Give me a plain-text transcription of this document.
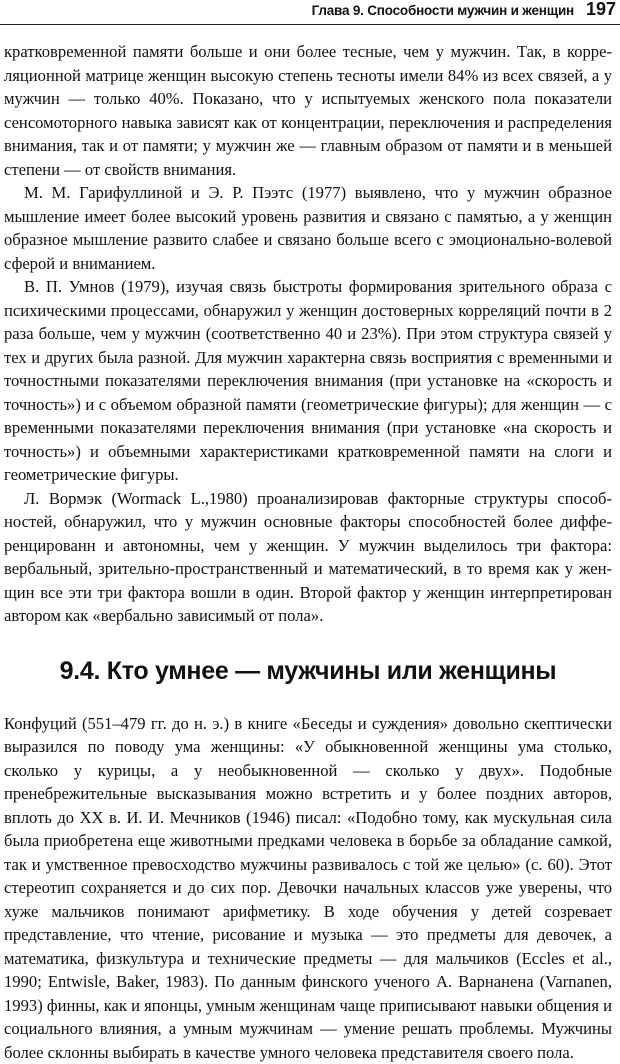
Глава 9. Способности мужчин и женщин 197

кратковременной памяти больше и они более тесные, чем у мужчин. Так, в корреляционной матрице женщин высокую степень тесноты имели 84% из всех связей, а у мужчин — только 40%. Показано, что у испытуемых женского пола показатели сенсомоторного навыка зависят как от концентрации, переключения и распределения внимания, так и от памяти; у мужчин же — главным образом от памяти и в меньшей степени — от свойств внимания.

М. М. Гарифуллиной и Э. Р. Пээтс (1977) выявлено, что у мужчин образное мышление имеет более высокий уровень развития и связано с памятью, а у женщин образное мышление развито слабее и связано больше всего с эмоционально-волевой сферой и вниманием.

В. П. Умнов (1979), изучая связь быстроты формирования зрительного образа с психическими процессами, обнаружил у женщин достоверных корреляций почти в 2 раза больше, чем у мужчин (соответственно 40 и 23%). При этом структура связей у тех и других была разной. Для мужчин характерна связь восприятия с временными и точностными показателями переключения внимания (при установке на «скорость и точность») и с объемом образной памяти (геометрические фигуры); для женщин — с временными показателями переключения внимания (при установке «на скорость и точность») и объемными характеристиками кратковременной памяти на слоги и геометрические фигуры.

Л. Вормэк (Wormack L.,1980) проанализировав факторные структуры способностей, обнаружил, что у мужчин основные факторы способностей более дифференцированн и автономны, чем у женщин. У мужчин выделилось три фактора: вербальный, зрительно-пространственный и математический, в то время как у женщин все эти три фактора вошли в один. Второй фактор у женщин интерпретирован автором как «вербально зависимый от пола».

9.4. Кто умнее — мужчины или женщины

Конфуций (551–479 гг. до н. э.) в книге «Беседы и суждения» довольно скептически выразился по поводу ума женщины: «У обыкновенной женщины ума столько, сколько у курицы, а у необыкновенной — сколько у двух». Подобные пренебрежительные высказывания можно встретить и у более поздних авторов, вплоть до XX в. И. И. Мечников (1946) писал: «Подобно тому, как мускульная сила была приобретена еще животными предками человека в борьбе за обладание самкой, так и умственное превосходство мужчины развивалось с той же целью» (с. 60). Этот стереотип сохраняется и до сих пор. Девочки начальных классов уже уверены, что хуже мальчиков понимают арифметику. В ходе обучения у детей созревает представление, что чтение, рисование и музыка — это предметы для девочек, а математика, физкультура и технические предметы — для мальчиков (Eccles et al., 1990; Entwisle, Baker, 1983). По данным финского ученого А. Варнанена (Varnanen, 1993) финны, как и японцы, умным женщинам чаще приписывают навыки общения и социального влияния, а умным мужчинам — умение решать проблемы. Мужчины более склонны выбирать в качестве умного человека представителя своего пола.
